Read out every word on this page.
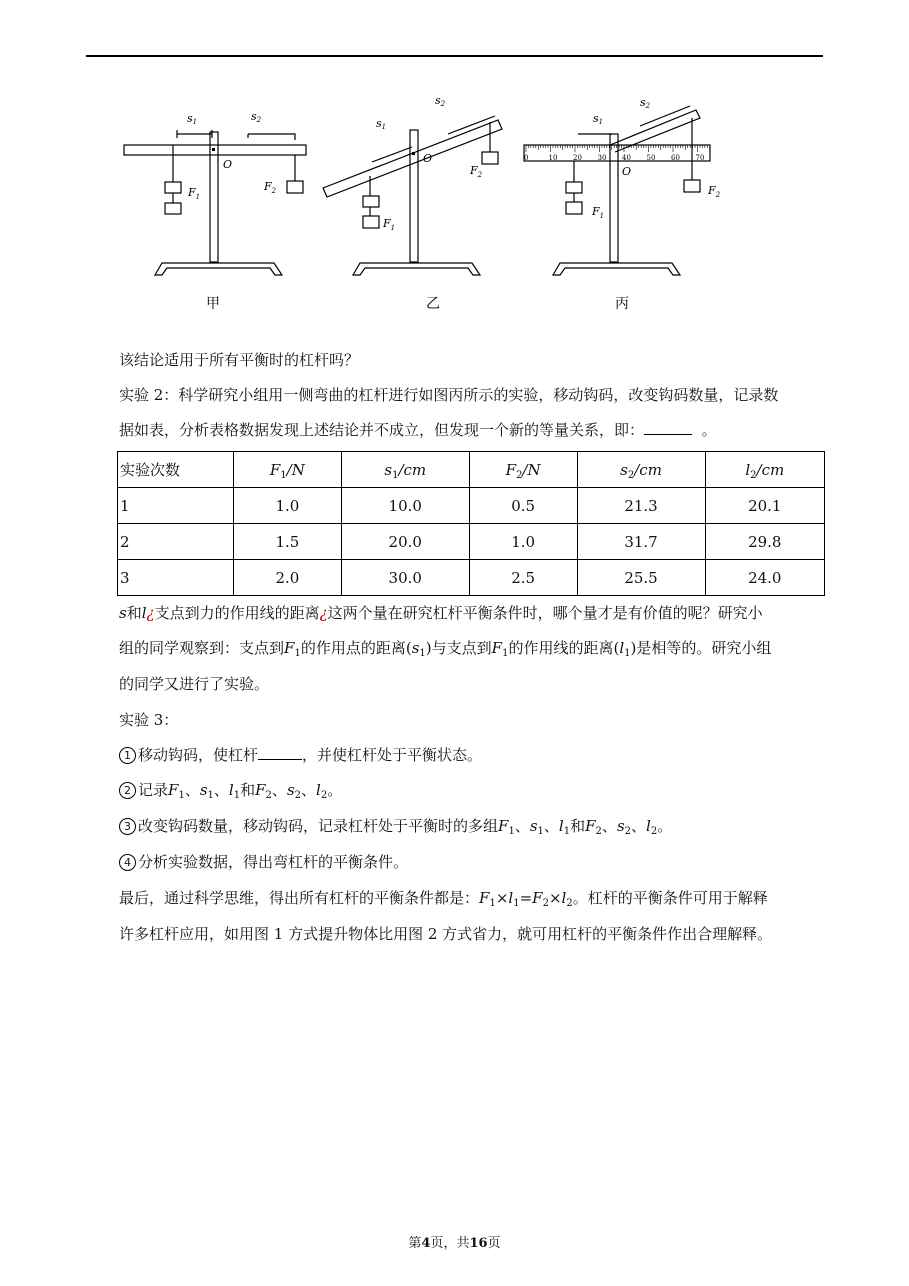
0	10 20 30 40 50 60 70
s1	s2
O
$F_1$
$F_2$
s1
s2
O
$F_1$
$F_2$
s1
s2
O
$F_1$
$F_2$
甲	乙	丙
该结论适用于所有平衡时的杠杆吗？
实验 2：科学研究小组用一侧弯曲的杠杆进行如图丙所示的实验，移动钩码，改变钩码数量，记录数
据如表，分析表格数据发现上述结论并不成立，但发现一个新的等量关系，即：	。
实验次数	$F_1/N$	$s_1/cm$	$F_2/N$	$s_2/cm$	$l_2/cm$
1	1.0	10.0	0.5	21.3	20.1
2	1.5	20.0	1.0	31.7	29.8
3	2.0	30.0	2.5	25.5	24.0
s和l¿支点到力的作用线的距离¿这两个量在研究杠杆平衡条件时，哪个量才是有价值的呢？研究小
组的同学观察到：支点到$F_1$的作用点的距离$(s_1)$与支点到$F_1$的作用线的距离$(l_1)$是相等的。研究小组
的同学又进行了实验。
实验 3：
1 移动钩码，使杠杆	，并使杠杆处于平衡状态。
2 记录$F_1$、$s_1$、$l_1$和$F_2$、$s_2$、$l_2$。
3 改变钩码数量，移动钩码，记录杠杆处于平衡时的多组$F_1$、$s_1$、$l_1$和$F_2$、$s_2$、$l_2$。
4 分析实验数据，得出弯杠杆的平衡条件。
最后，通过科学思维，得出所有杠杆的平衡条件都是：$F_1\times l_1=F_2\times l_2$。杠杆的平衡条件可用于解释
许多杠杆应用，如用图 1 方式提升物体比用图 2 方式省力，就可用杠杆的平衡条件作出合理解释。
第4页，共16页
